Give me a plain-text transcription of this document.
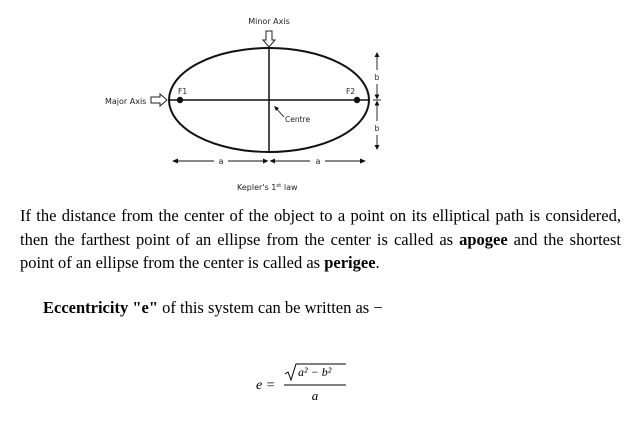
Minor Axis
Major Axis
F1	F2
Centre
b
b
a	a
Kepler's 1st law

If the distance from the center of the object to a point on its elliptical path is considered, then the farthest point of an ellipse from the center is called as apogee and the shortest point of an ellipse from the center is called as perigee.

Eccentricity "e" of this system can be written as −
e =
a² − b²
a
